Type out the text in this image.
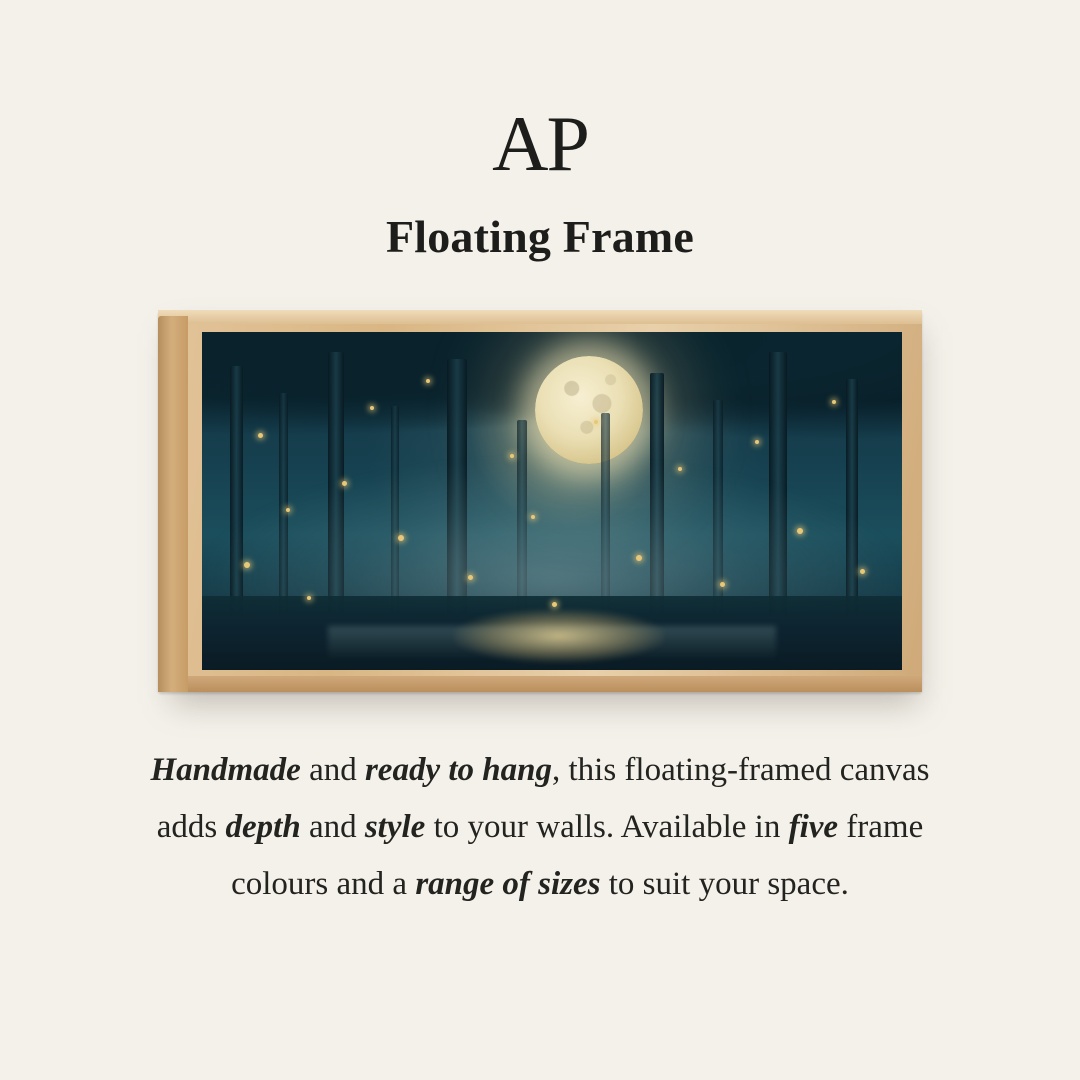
AP
Floating Frame

Handmade and ready to hang, this floating-framed canvas adds depth and style to your walls. Available in five frame colours and a range of sizes to suit your space.
